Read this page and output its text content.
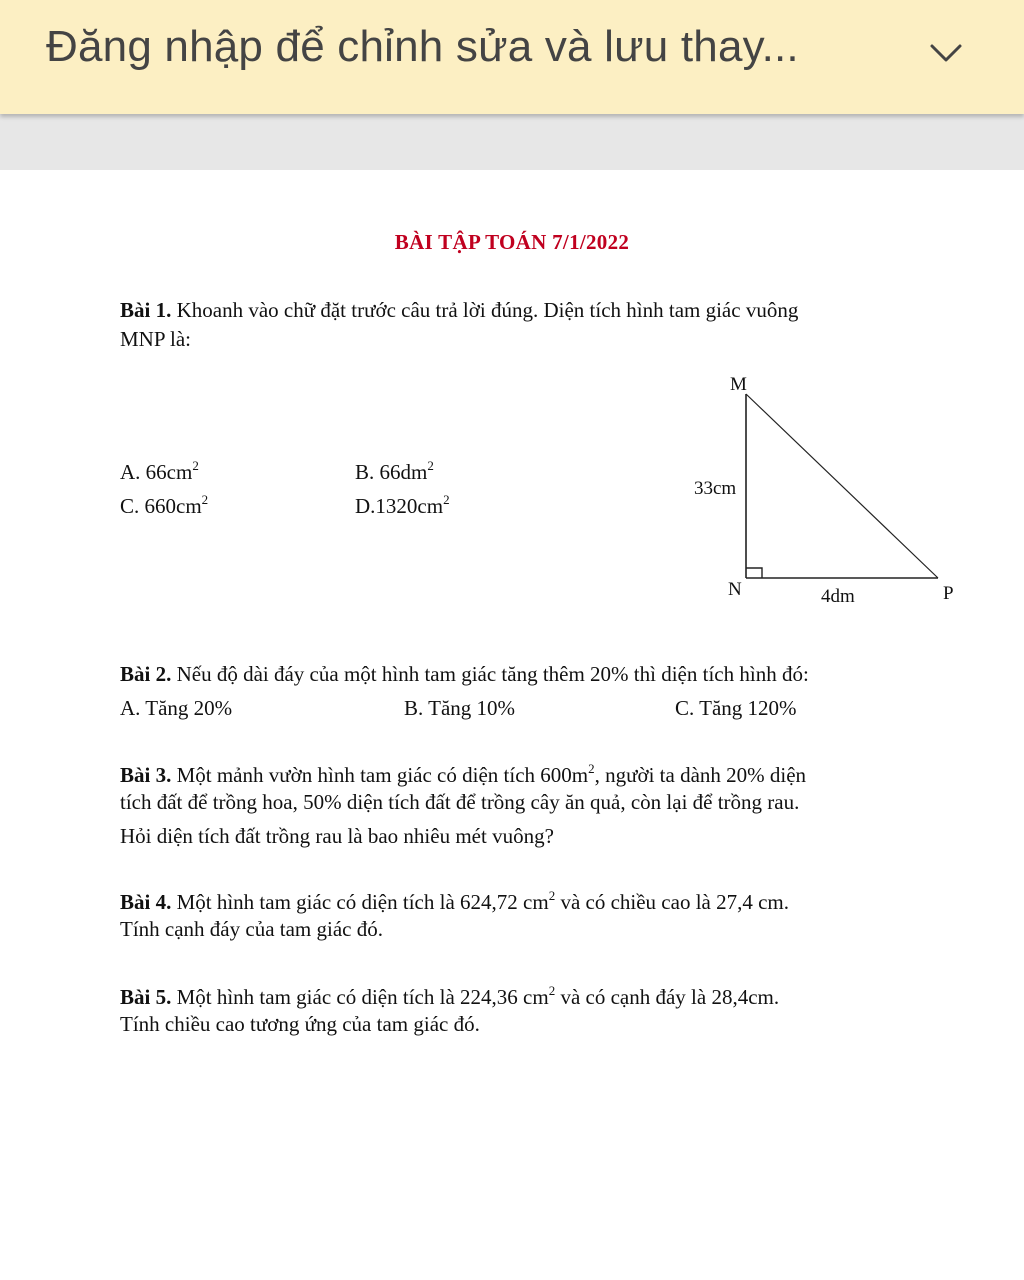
Đăng nhập để chỉnh sửa và lưu thay...
BÀI TẬP TOÁN 7/1/2022
Bài 1. Khoanh vào chữ đặt trước câu trả lời đúng. Diện tích hình tam giác vuông
MNP là:
A. $66cm^2$	B. $66dm^2$
C. $660cm^2$	$D.1320cm^2$
M
N	P
33cm
4dm
Bài 2. Nếu độ dài đáy của một hình tam giác tăng thêm 20% thì diện tích hình đó:
A. Tăng 20%	B. Tăng 10%	C. Tăng 120%
Bài 3. Một mảnh vườn hình tam giác có diện tích $600m^2$, người ta dành 20% diện
tích đất để trồng hoa, 50% diện tích đất để trồng cây ăn quả, còn lại để trồng rau.
Hỏi diện tích đất trồng rau là bao nhiêu mét vuông?
Bài 4. Một hình tam giác có diện tích là 624,72 $cm^2$ và có chiều cao là 27,4 cm.
Tính cạnh đáy của tam giác đó.
Bài 5. Một hình tam giác có diện tích là 224,36 $cm^2$ và có cạnh đáy là 28,4cm.
Tính chiều cao tương ứng của tam giác đó.
